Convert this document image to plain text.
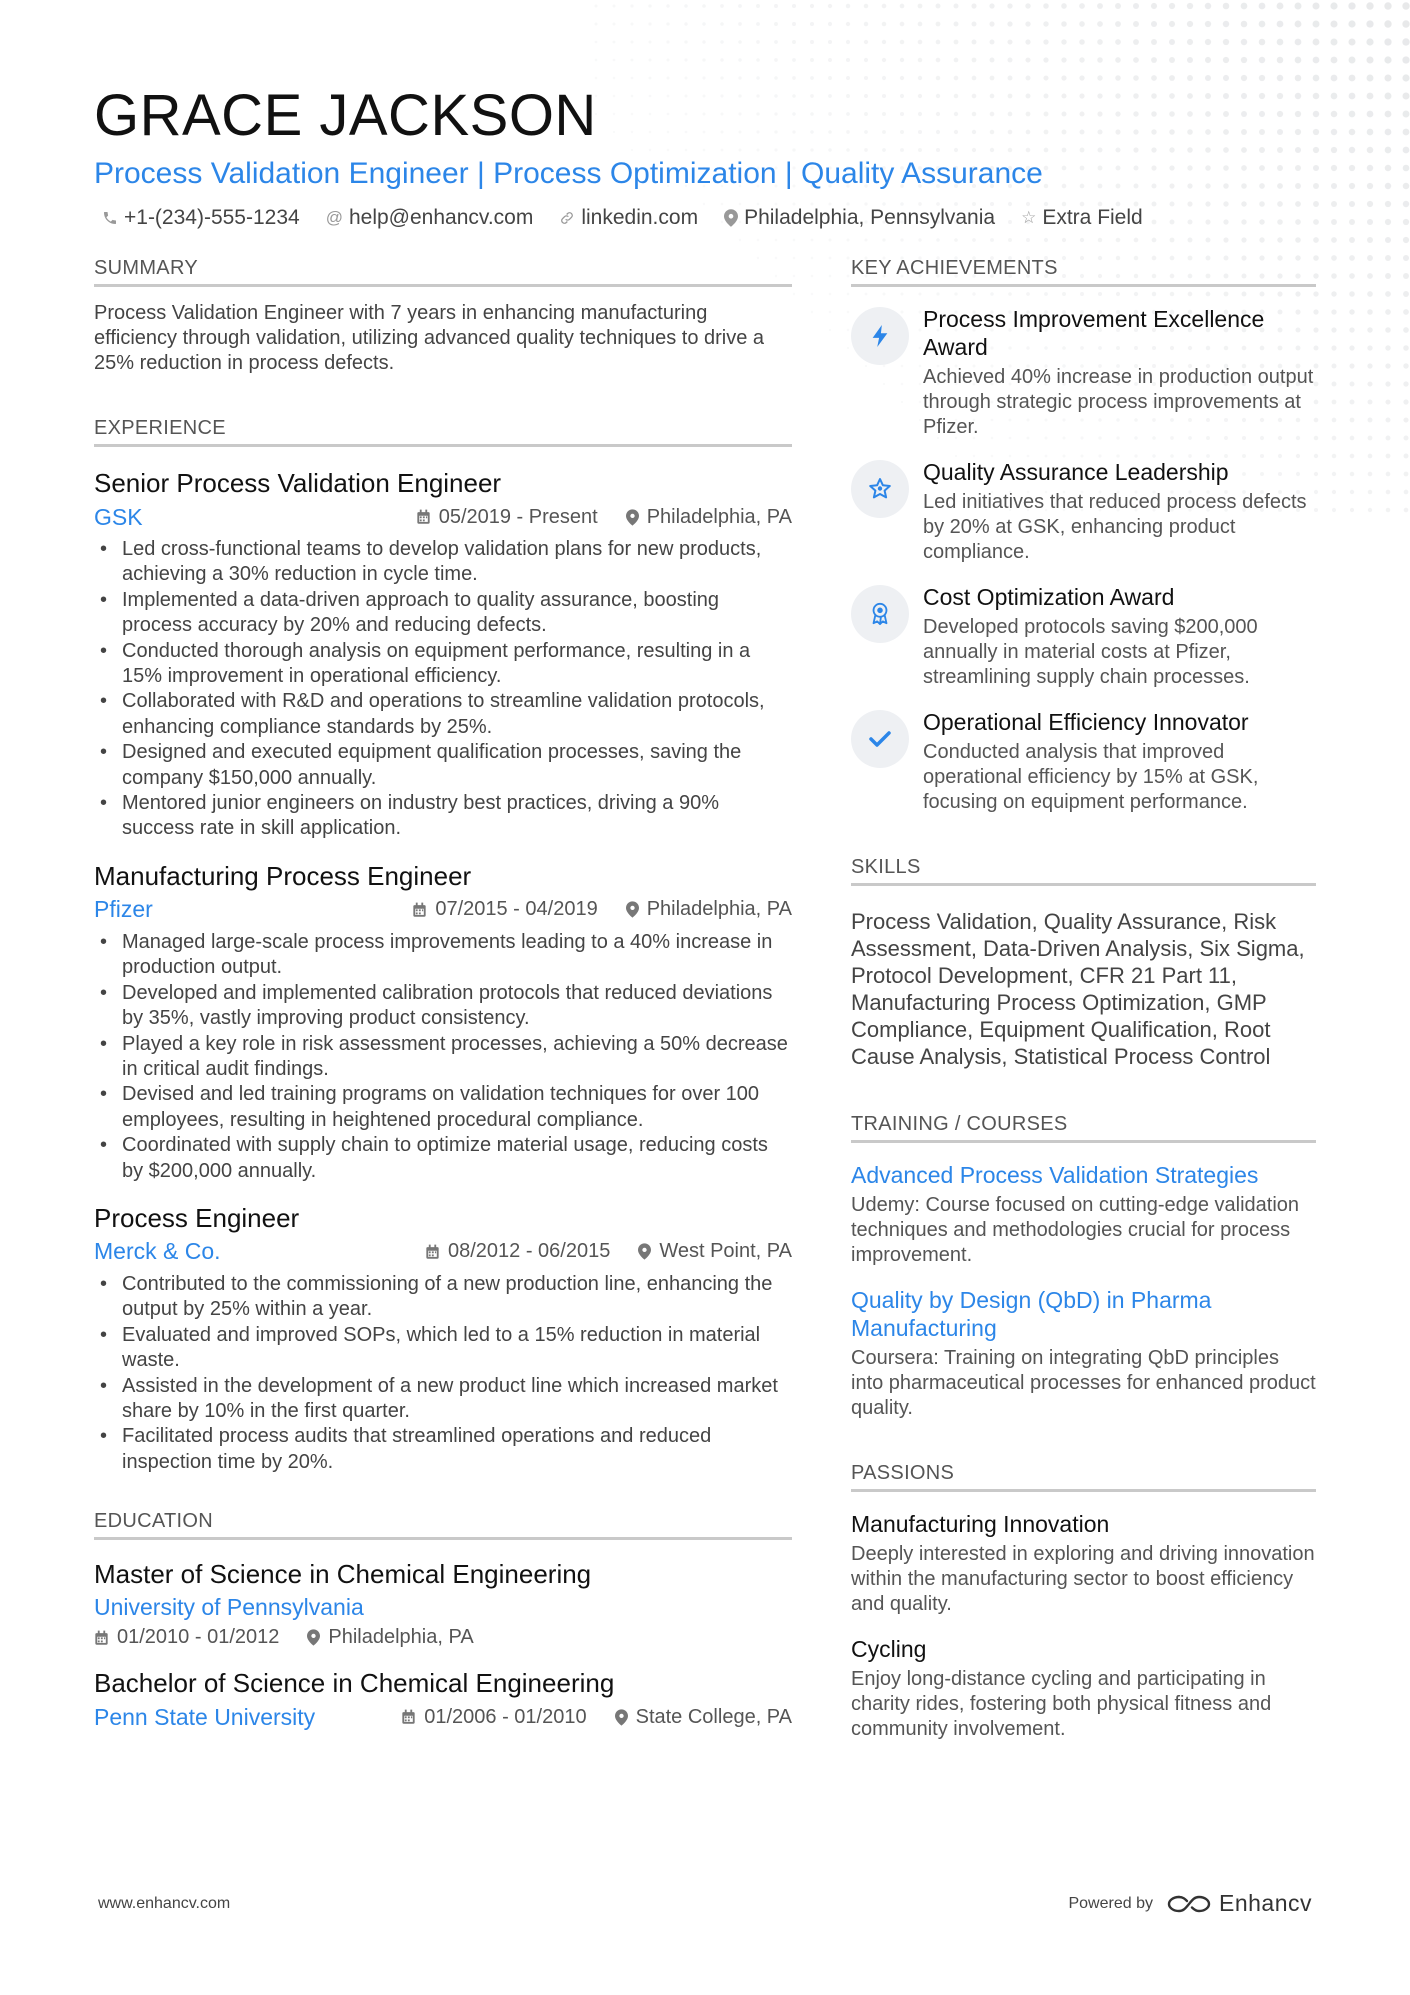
GRACE JACKSON
Process Validation Engineer | Process Optimization | Quality Assurance
+1-(234)-555-1234 @ help@enhancv.com linkedin.com Philadelphia, Pennsylvania ☆ Extra Field
SUMMARY
Process Validation Engineer with 7 years in enhancing manufacturing efficiency through validation, utilizing advanced quality techniques to drive a 25% reduction in process defects.
EXPERIENCE
Senior Process Validation Engineer
GSK	05/2019 - Present Philadelphia, PA
• Led cross-functional teams to develop validation plans for new products, achieving a 30% reduction in cycle time.
• Implemented a data-driven approach to quality assurance, boosting process accuracy by 20% and reducing defects.
• Conducted thorough analysis on equipment performance, resulting in a 15% improvement in operational efficiency.
• Collaborated with R&D and operations to streamline validation protocols, enhancing compliance standards by 25%.
• Designed and executed equipment qualification processes, saving the company $150,000 annually.
• Mentored junior engineers on industry best practices, driving a 90% success rate in skill application.
Manufacturing Process Engineer
Pfizer	07/2015 - 04/2019 Philadelphia, PA
• Managed large-scale process improvements leading to a 40% increase in production output.
• Developed and implemented calibration protocols that reduced deviations by 35%, vastly improving product consistency.
• Played a key role in risk assessment processes, achieving a 50% decrease in critical audit findings.
• Devised and led training programs on validation techniques for over 100 employees, resulting in heightened procedural compliance.
• Coordinated with supply chain to optimize material usage, reducing costs by $200,000 annually.
Process Engineer
Merck & Co.	08/2012 - 06/2015 West Point, PA
• Contributed to the commissioning of a new production line, enhancing the output by 25% within a year.
• Evaluated and improved SOPs, which led to a 15% reduction in material waste.
• Assisted in the development of a new product line which increased market share by 10% in the first quarter.
• Facilitated process audits that streamlined operations and reduced inspection time by 20%.
EDUCATION
Master of Science in Chemical Engineering
University of Pennsylvania
01/2010 - 01/2012 Philadelphia, PA
Bachelor of Science in Chemical Engineering
Penn State University	01/2006 - 01/2010 State College, PA
KEY ACHIEVEMENTS
Process Improvement Excellence Award
Achieved 40% increase in production output through strategic process improvements at Pfizer.
Quality Assurance Leadership
Led initiatives that reduced process defects by 20% at GSK, enhancing product compliance.
Cost Optimization Award
Developed protocols saving $200,000 annually in material costs at Pfizer, streamlining supply chain processes.
Operational Efficiency Innovator
Conducted analysis that improved operational efficiency by 15% at GSK, focusing on equipment performance.
SKILLS
Process Validation, Quality Assurance, Risk Assessment, Data-Driven Analysis, Six Sigma, Protocol Development, CFR 21 Part 11, Manufacturing Process Optimization, GMP Compliance, Equipment Qualification, Root Cause Analysis, Statistical Process Control
TRAINING / COURSES
Advanced Process Validation Strategies
Udemy: Course focused on cutting-edge validation techniques and methodologies crucial for process improvement.
Quality by Design (QbD) in Pharma Manufacturing
Coursera: Training on integrating QbD principles into pharmaceutical processes for enhanced product quality.
PASSIONS
Manufacturing Innovation
Deeply interested in exploring and driving innovation within the manufacturing sector to boost efficiency and quality.
Cycling
Enjoy long-distance cycling and participating in charity rides, fostering both physical fitness and community involvement.
www.enhancv.com	Powered by	Enhancv
